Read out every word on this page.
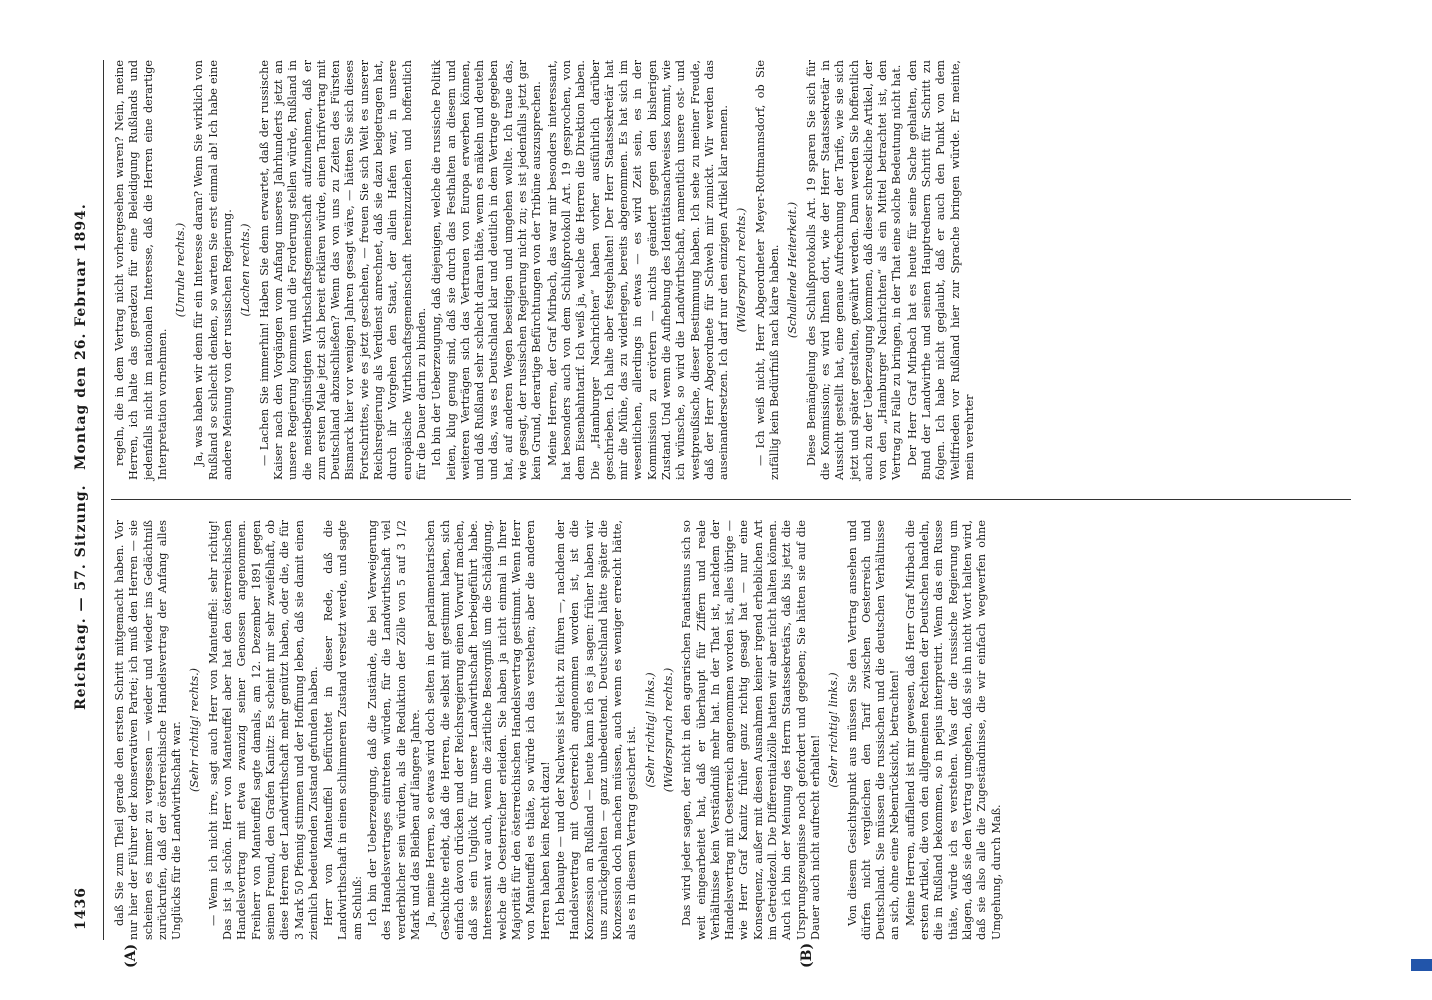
1436
Reichstag. — 57. Sitzung.
Montag den 26. Februar 1894.
(A)	(B)

daß Sie zum Theil gerade den ersten Schritt mitgemacht haben. Vor nur hier der Führer der konservativen Partei; ich muß den Herren — sie scheinen es immer zu vergessen — wieder und wieder ins Gedächtniß zurückrufen, daß der österreichische Handelsvertrag der Anfang alles Unglücks für die Landwirthschaft war. (Sehr richtig! rechts.) — Wenn ich nicht irre, sagt auch Herr von Manteuffel: sehr richtig! Das ist ja schön. Herr von Manteuffel aber hat den österreichischen Handelsvertrag mit etwa zwanzig seiner Genossen angenommen. Freiherr von Manteuffel sagte damals, am 12. Dezember 1891 gegen seinen Freund, den Grafen Kanitz: Es scheint mir sehr zweifelhaft, ob diese Herren der Landwirthschaft mehr genützt haben, oder die, die für 3 Mark 50 Pfennig stimmen und der Hoffnung leben, daß sie damit einen ziemlich bedeutenden Zustand gefunden haben. Herr von Manteuffel befürchtet in dieser Rede, daß die Landwirthschaft in einen schlimmeren Zustand versetzt werde, und sagte am Schluß: Ich bin der Ueberzeugung, daß die Zustände, die bei Verweigerung des Handelsvertrages eintreten würden, für die Landwirthschaft viel verderblicher sein würden, als die Reduktion der Zölle von 5 auf 3 1/2 Mark und das Bleiben auf längere Jahre. Ja, meine Herren, so etwas wird doch selten in der parlamentarischen Geschichte erlebt, daß die Herren, die selbst mit gestimmt haben, sich einfach davon drücken und der Reichsregierung einen Vorwurf machen, daß sie ein Unglück für unsere Landwirthschaft herbeigeführt habe. Interessant war auch, wenn die zärtliche Besorgniß um die Schädigung, welche die Oesterreicher erleiden. Sie haben ja nicht einmal in Ihrer Majorität für den österreichischen Handelsvertrag gestimmt. Wenn Herr von Manteuffel es thäte, so würde ich das verstehen; aber die anderen Herren haben kein Recht dazu! Ich behaupte — und der Nachweis ist leicht zu führen —, nachdem der Handelsvertrag mit Oesterreich angenommen worden ist, ist die Konzession an Rußland — heute kann ich es ja sagen: früher haben wir uns zurückgehalten — ganz unbedeutend. Deutschland hätte später die Konzession doch machen müssen, auch wenn es weniger erreicht hätte, als es in diesem Vertrag gesichert ist. (Sehr richtig! links.) (Widerspruch rechts.) Das wird jeder sagen, der nicht in den agrarischen Fanatismus sich so weit eingearbeitet hat, daß er überhaupt für Ziffern und reale Verhältnisse kein Verständniß mehr hat. In der That ist, nachdem der Handelsvertrag mit Oesterreich angenommen worden ist, alles übrige — wie Herr Graf Kanitz früher ganz richtig gesagt hat — nur eine Konsequenz, außer mit diesen Ausnahmen keiner irgend erheblichen Art im Getreidezoll. Die Differentialzölle hatten wir aber nicht halten können. Auch ich bin der Meinung des Herrn Staatssekretärs, daß bis jetzt die Ursprungszeugnisse noch gefordert und gegeben; Sie hätten sie auf die Dauer auch nicht aufrecht erhalten!

(Sehr richtig! links.) Von diesem Gesichtspunkt aus müssen Sie den Vertrag ansehen und dürfen nicht vergleichen den Tarif zwischen Oesterreich und Deutschland. Sie müssen die russischen und die deutschen Verhältnisse an sich, ohne eine Nebenrücksicht, betrachten! Meine Herren, auffallend ist mir gewesen, daß Herr Graf Mirbach die ersten Artikel, die von den allgemeinen Rechten der Deutschen handeln, die in Rußland bekommen, so in pejus interpretirt. Wenn das ein Russe thäte, würde ich es verstehen. Was der die russische Regierung um klagen, daß sie den Vertrag umgehen, daß sie ihn nicht Wort halten wird, daß sie also alle die Zugeständnisse, die wir einfach wegwerfen ohne Umgehung, durch Maß.

regeln, die in dem Vertrag nicht vorhergesehen waren? Nein, meine Herren, ich halte das geradezu für eine Beleidigung Rußlands und jedenfalls nicht im nationalen Interesse, daß die Herren eine derartige Interpretation vornehmen.

(Unruhe rechts.) Ja, was haben wir denn für ein Interesse daran? Wenn Sie wirklich von Rußland so schlecht denken, so warten Sie erst einmal ab! Ich habe eine andere Meinung von der russischen Regierung. (Lachen rechts.) — Lachen Sie immerhin! Haben Sie denn erwartet, daß der russische Kaiser nach den Vorgängen vom Anfang unseres Jahrhunderts jetzt an unsere Regierung kommen und die Forderung stellen würde, Rußland in die meistbegünstigten Wirthschaftsgemeinschaft aufzunehmen, daß er zum ersten Male jetzt sich bereit erklären würde, einen Tarifvertrag mit Deutschland abzuschließen? Wenn das von uns zu Zeiten des Fürsten Bismarck hier vor wenigen Jahren gesagt wäre, — hätten Sie sich dieses Fortschrittes, wie es jetzt geschehen, — freuen Sie sich Welt es unserer Reichsregierung als Verdienst anrechnet, daß sie dazu beigetragen hat, durch ihr Vorgehen den Staat, der allein Hafen war, in unsere europäische Wirthschaftsgemeinschaft hereinzuziehen und hoffentlich für die Dauer darin zu binden. Ich bin der Ueberzeugung, daß diejenigen, welche die russische Politik leiten, klug genug sind, daß sie durch das Festhalten an diesem und weiteren Verträgen sich das Vertrauen von Europa erwerben können, und daß Rußland sehr schlecht daran thäte, wenn es mäkeln und deuteln und das, was es Deutschland klar und deutlich in dem Vertrage gegeben hat, auf anderen Wegen beseitigen und umgehen wollte. Ich traue das, wie gesagt, der russischen Regierung nicht zu; es ist jedenfalls jetzt gar kein Grund, derartige Befürchtungen von der Tribüne auszusprechen. Meine Herren, der Graf Mirbach, das war mir besonders interessant, hat besonders auch von dem Schlußprotokoll Art. 19 gesprochen, von dem Eisenbahntarif. Ich weiß ja, welche die Herren die Direktion haben. Die „Hamburger Nachrichten“ haben vorher ausführlich darüber geschrieben. Ich halte aber festgehalten! Der Herr Staatssekretär hat mir die Mühe, das zu widerlegen, bereits abgenommen. Es hat sich im wesentlichen, allerdings in etwas — es wird Zeit sein, es in der Kommission zu erörtern — nichts geändert gegen den bisherigen Zustand. Und wenn die Aufhebung des Identitätsnachweises kommt, wie ich wünsche, so wird die Landwirthschaft, namentlich unsere ost- und westpreußische, dieser Bestimmung haben. Ich sehe zu meiner Freude, daß der Herr Abgeordnete für Schweh mir zunickt. Wir werden das auseinandersetzen. Ich darf nur den einzigen Artikel klar nennen. (Widerspruch rechts.) — Ich weiß nicht, Herr Abgeordneter Meyer-Rottmannsdorf, ob Sie zufällig kein Bedürfniß nach klare haben. (Schallende Heiterkeit.) Diese Bemängelung des Schlußprotokolls Art. 19 sparen Sie sich für die Kommission; es wird Ihnen dort, wie der Herr Staatssekretär in Aussicht gestellt hat, eine genaue Aufrechnung der Tarife, wie sie sich jetzt und später gestalten, gewährt werden. Dann werden Sie hoffentlich auch zu der Ueberzeugung kommen, daß dieser schreckliche Artikel, der von den „Hamburger Nachrichten“ als ein Mittel betrachtet ist, den Vertrag zu Falle zu bringen, in der That eine solche Bedeutung nicht hat. Der Herr Graf Mirbach hat es heute für seine Sache gehalten, den Bund der Landwirthe und seinen Hauptrednern Schritt für Schritt zu folgen. Ich habe nicht geglaubt, daß er auch den Punkt von dem Weltfrieden vor Rußland hier zur Sprache bringen würde. Er meinte, mein verehrter
